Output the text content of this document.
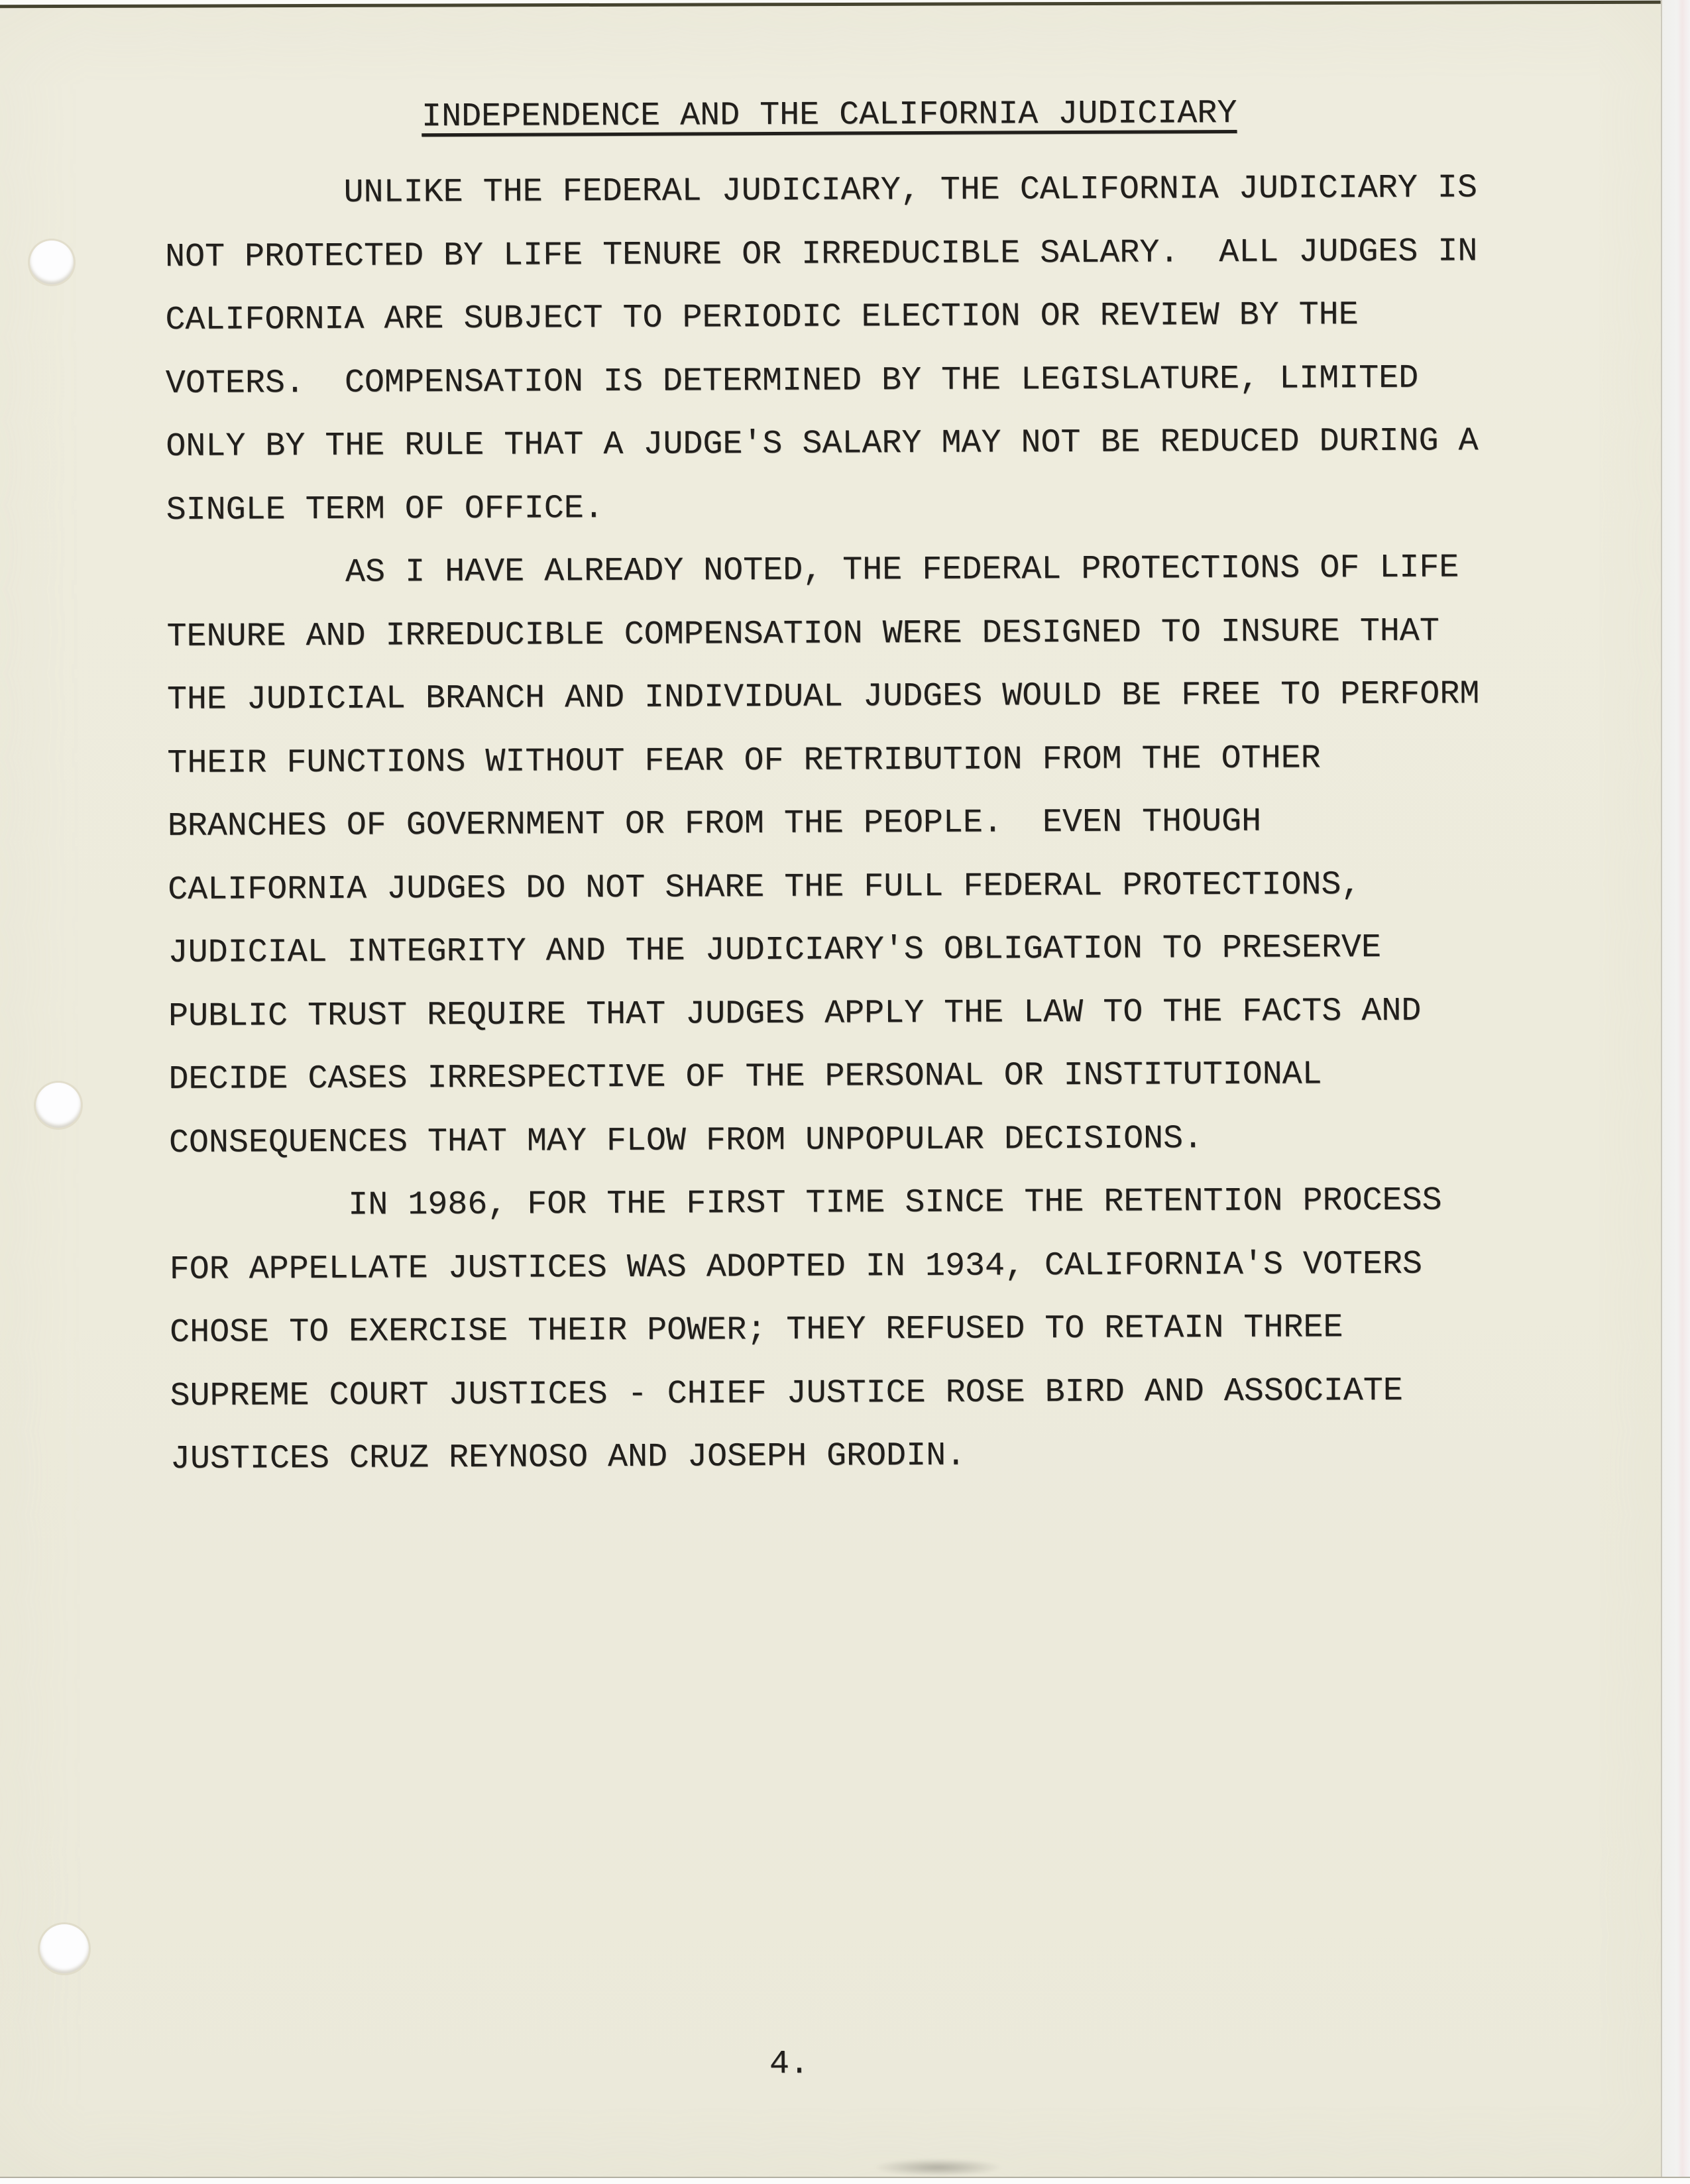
INDEPENDENCE AND THE CALIFORNIA JUDICIARY
UNLIKE THE FEDERAL JUDICIARY, THE CALIFORNIA JUDICIARY IS
NOT PROTECTED BY LIFE TENURE OR IRREDUCIBLE SALARY.  ALL JUDGES IN
CALIFORNIA ARE SUBJECT TO PERIODIC ELECTION OR REVIEW BY THE
VOTERS.  COMPENSATION IS DETERMINED BY THE LEGISLATURE, LIMITED
ONLY BY THE RULE THAT A JUDGE'S SALARY MAY NOT BE REDUCED DURING A
SINGLE TERM OF OFFICE.
AS I HAVE ALREADY NOTED, THE FEDERAL PROTECTIONS OF LIFE
TENURE AND IRREDUCIBLE COMPENSATION WERE DESIGNED TO INSURE THAT
THE JUDICIAL BRANCH AND INDIVIDUAL JUDGES WOULD BE FREE TO PERFORM
THEIR FUNCTIONS WITHOUT FEAR OF RETRIBUTION FROM THE OTHER
BRANCHES OF GOVERNMENT OR FROM THE PEOPLE.  EVEN THOUGH
CALIFORNIA JUDGES DO NOT SHARE THE FULL FEDERAL PROTECTIONS,
JUDICIAL INTEGRITY AND THE JUDICIARY'S OBLIGATION TO PRESERVE
PUBLIC TRUST REQUIRE THAT JUDGES APPLY THE LAW TO THE FACTS AND
DECIDE CASES IRRESPECTIVE OF THE PERSONAL OR INSTITUTIONAL
CONSEQUENCES THAT MAY FLOW FROM UNPOPULAR DECISIONS.
IN 1986, FOR THE FIRST TIME SINCE THE RETENTION PROCESS
FOR APPELLATE JUSTICES WAS ADOPTED IN 1934, CALIFORNIA'S VOTERS
CHOSE TO EXERCISE THEIR POWER; THEY REFUSED TO RETAIN THREE
SUPREME COURT JUSTICES - CHIEF JUSTICE ROSE BIRD AND ASSOCIATE
JUSTICES CRUZ REYNOSO AND JOSEPH GRODIN.
4.
